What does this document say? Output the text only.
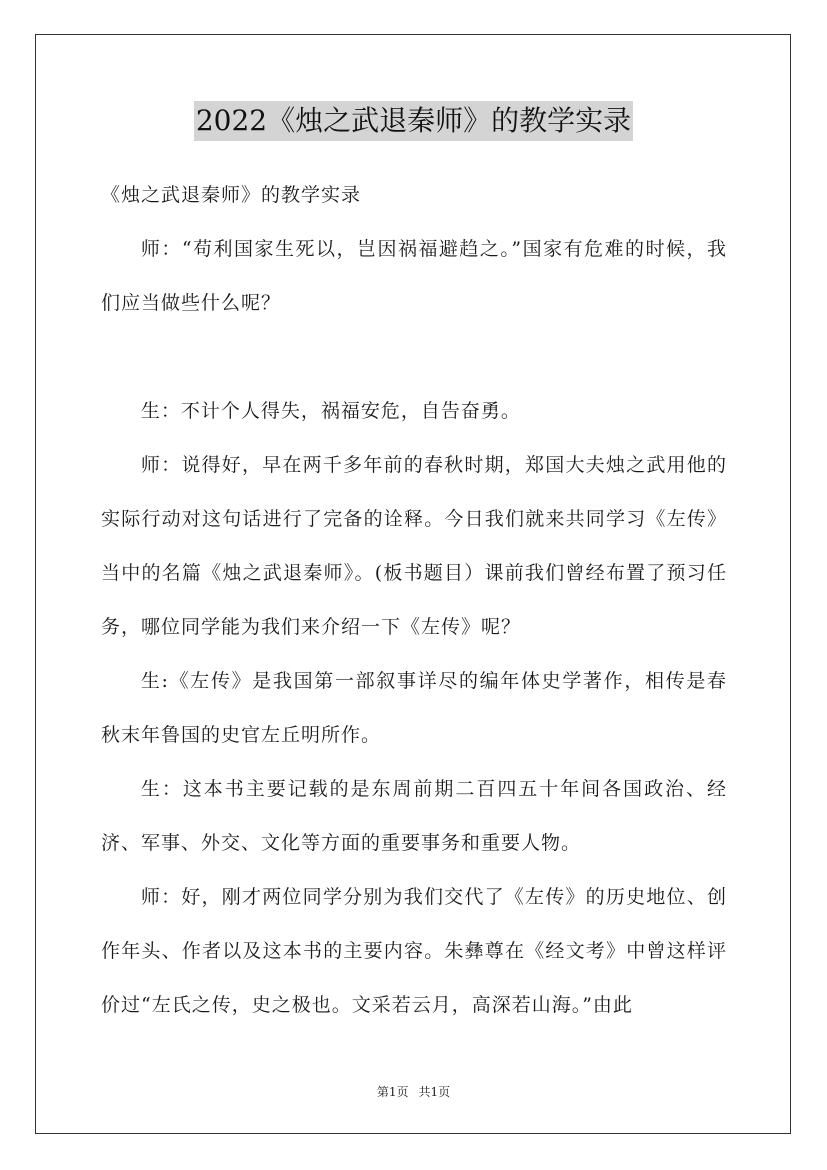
2022《烛之武退秦师》的教学实录

《烛之武退秦师》的教学实录

师：“苟利国家生死以，岂因祸福避趋之。”国家有危难的时候，我们应当做些什么呢？

生：不计个人得失，祸福安危，自告奋勇。

师：说得好，早在两千多年前的春秋时期，郑国大夫烛之武用他的实际行动对这句话进行了完备的诠释。今日我们就来共同学习《左传》当中的名篇《烛之武退秦师》。(板书题目）课前我们曾经布置了预习任务，哪位同学能为我们来介绍一下《左传》呢？

生:《左传》是我国第一部叙事详尽的编年体史学著作，相传是春秋末年鲁国的史官左丘明所作。

生：这本书主要记载的是东周前期二百四五十年间各国政治、经济、军事、外交、文化等方面的重要事务和重要人物。

师：好，刚才两位同学分别为我们交代了《左传》的历史地位、创作年头、作者以及这本书的主要内容。朱彝尊在《经文考》中曾这样评价过“左氏之传，史之极也。文采若云月，高深若山海。”由此

第1页 共1页
